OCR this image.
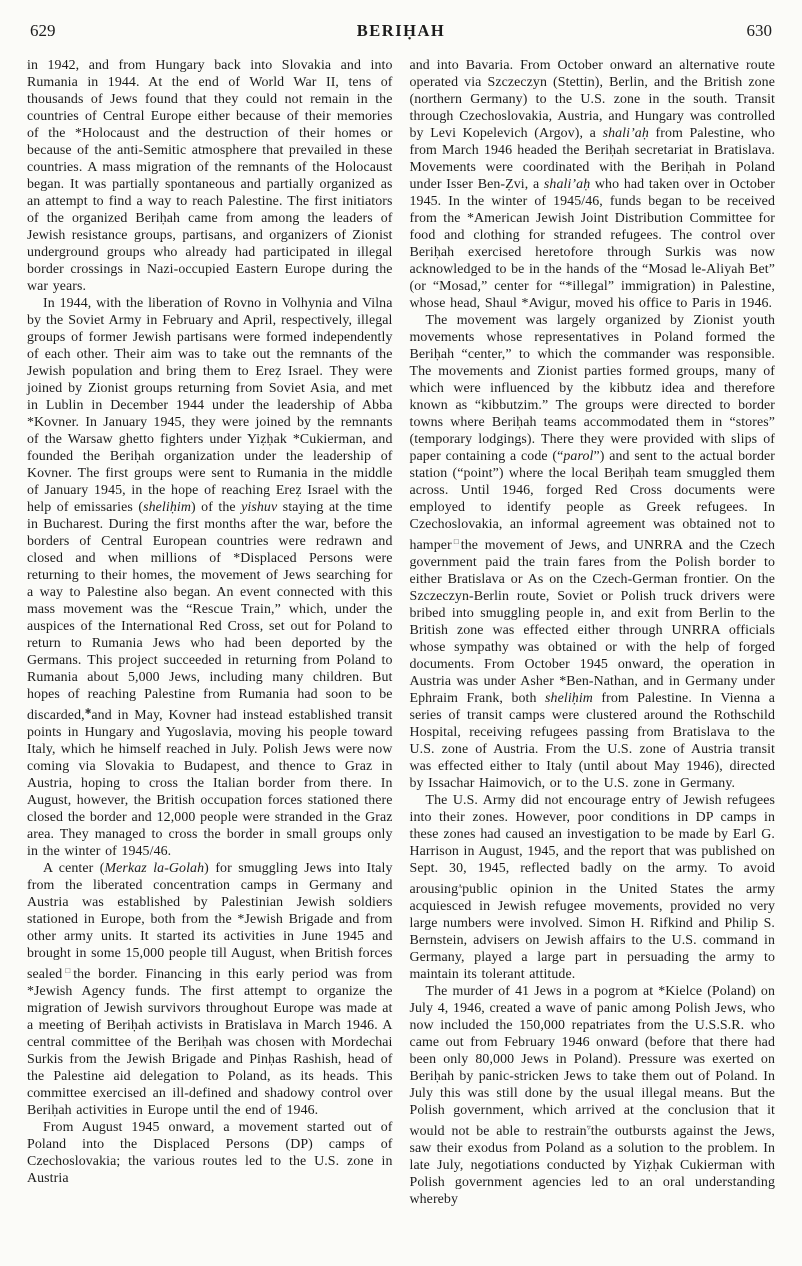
629	BERIḤAH	630

in 1942, and from Hungary back into Slovakia and into Rumania in 1944. At the end of World War II, tens of thousands of Jews found that they could not remain in the countries of Central Europe either because of their memories of the *Holocaust and the destruction of their homes or because of the anti-Semitic atmosphere that prevailed in these countries. A mass migration of the remnants of the Holocaust began. It was partially spontaneous and partially organized as an attempt to find a way to reach Palestine. The first initiators of the organized Beriḥah came from among the leaders of Jewish resistance groups, partisans, and organizers of Zionist underground groups who already had participated in illegal border crossings in Nazi-occupied Eastern Europe during the war years.

In 1944, with the liberation of Rovno in Volhynia and Vilna by the Soviet Army in February and April, respectively, illegal groups of former Jewish partisans were formed independently of each other. Their aim was to take out the remnants of the Jewish population and bring them to Ereẓ Israel. They were joined by Zionist groups returning from Soviet Asia, and met in Lublin in December 1944 under the leadership of Abba *Kovner. In January 1945, they were joined by the remnants of the Warsaw ghetto fighters under Yiẓḥak *Cukierman, and founded the Beriḥah organization under the leadership of Kovner. The first groups were sent to Rumania in the middle of January 1945, in the hope of reaching Ereẓ Israel with the help of emissaries (sheliḥim) of the yishuv staying at the time in Bucharest. During the first months after the war, before the borders of Central European countries were redrawn and closed and when millions of *Displaced Persons were returning to their homes, the movement of Jews searching for a way to Palestine also began. An event connected with this mass movement was the “Rescue Train,” which, under the auspices of the International Red Cross, set out for Poland to return to Rumania Jews who had been deported by the Germans. This project succeeded in returning from Poland to Rumania about 5,000 Jews, including many children. But hopes of reaching Palestine from Rumania had soon to be discarded,✱and in May, Kovner had instead established transit points in Hungary and Yugoslavia, moving his people toward Italy, which he himself reached in July. Polish Jews were now coming via Slovakia to Budapest, and thence to Graz in Austria, hoping to cross the Italian border from there. In August, however, the British occupation forces stationed there closed the border and 12,000 people were stranded in the Graz area. They managed to cross the border in small groups only in the winter of 1945/46.

A center (Merkaz la-Golah) for smuggling Jews into Italy from the liberated concentration camps in Germany and Austria was established by Palestinian Jewish soldiers stationed in Europe, both from the *Jewish Brigade and from other army units. It started its activities in June 1945 and brought in some 15,000 people till August, when British forces sealed□the border. Financing in this early period was from *Jewish Agency funds. The first attempt to organize the migration of Jewish survivors throughout Europe was made at a meeting of Beriḥah activists in Bratislava in March 1946. A central committee of the Beriḥah was chosen with Mordechai Surkis from the Jewish Brigade and Pinḥas Rashish, head of the Palestine aid delegation to Poland, as its heads. This committee exercised an ill-defined and shadowy control over Beriḥah activities in Europe until the end of 1946.

From August 1945 onward, a movement started out of Poland into the Displaced Persons (DP) camps of Czechoslovakia; the various routes led to the U.S. zone in Austria

and into Bavaria. From October onward an alternative route operated via Szczeczyn (Stettin), Berlin, and the British zone (northern Germany) to the U.S. zone in the south. Transit through Czechoslovakia, Austria, and Hungary was controlled by Levi Kopelevich (Argov), a shali’aḥ from Palestine, who from March 1946 headed the Beriḥah secretariat in Bratislava. Movements were coordinated with the Beriḥah in Poland under Isser Ben-Ẓvi, a shali’aḥ who had taken over in October 1945. In the winter of 1945/46, funds began to be received from the *American Jewish Joint Distribution Committee for food and clothing for stranded refugees. The control over Beriḥah exercised heretofore through Surkis was now acknowledged to be in the hands of the “Mosad le-Aliyah Bet” (or “Mosad,” center for “*illegal” immigration) in Palestine, whose head, Shaul *Avigur, moved his office to Paris in 1946.

The movement was largely organized by Zionist youth movements whose representatives in Poland formed the Beriḥah “center,” to which the commander was responsible. The movements and Zionist parties formed groups, many of which were influenced by the kibbutz idea and therefore known as “kibbutzim.” The groups were directed to border towns where Beriḥah teams accommodated them in “stores” (temporary lodgings). There they were provided with slips of paper containing a code (“parol”) and sent to the actual border station (“point”) where the local Beriḥah team smuggled them across. Until 1946, forged Red Cross documents were employed to identify people as Greek refugees. In Czechoslovakia, an informal agreement was obtained not to hamper□the movement of Jews, and UNRRA and the Czech government paid the train fares from the Polish border to either Bratislava or As on the Czech-German frontier. On the Szczeczyn-Berlin route, Soviet or Polish truck drivers were bribed into smuggling people in, and exit from Berlin to the British zone was effected either through UNRRA officials whose sympathy was obtained or with the help of forged documents. From October 1945 onward, the operation in Austria was under Asher *Ben-Nathan, and in Germany under Ephraim Frank, both sheliḥim from Palestine. In Vienna a series of transit camps were clustered around the Rothschild Hospital, receiving refugees passing from Bratislava to the U.S. zone of Austria. From the U.S. zone of Austria transit was effected either to Italy (until about May 1946), directed by Issachar Haimovich, or to the U.S. zone in Germany.

The U.S. Army did not encourage entry of Jewish refugees into their zones. However, poor conditions in DP camps in these zones had caused an investigation to be made by Earl G. Harrison in August, 1945, and the report that was published on Sept. 30, 1945, reflected badly on the army. To avoid arousing$^ʌ$public opinion in the United States the army acquiesced in Jewish refugee movements, provided no very large numbers were involved. Simon H. Rifkind and Philip S. Bernstein, advisers on Jewish affairs to the U.S. command in Germany, played a large part in persuading the army to maintain its tolerant attitude.

The murder of 41 Jews in a pogrom at *Kielce (Poland) on July 4, 1946, created a wave of panic among Polish Jews, who now included the 150,000 repatriates from the U.S.S.R. who came out from February 1946 onward (before that there had been only 80,000 Jews in Poland). Pressure was exerted on Beriḥah by panic-stricken Jews to take them out of Poland. In July this was still done by the usual illegal means. But the Polish government, which arrived at the conclusion that it would not be able to restrain▿the outbursts against the Jews, saw their exodus from Poland as a solution to the problem. In late July, negotiations conducted by Yiẓḥak Cukierman with Polish government agencies led to an oral understanding whereby
